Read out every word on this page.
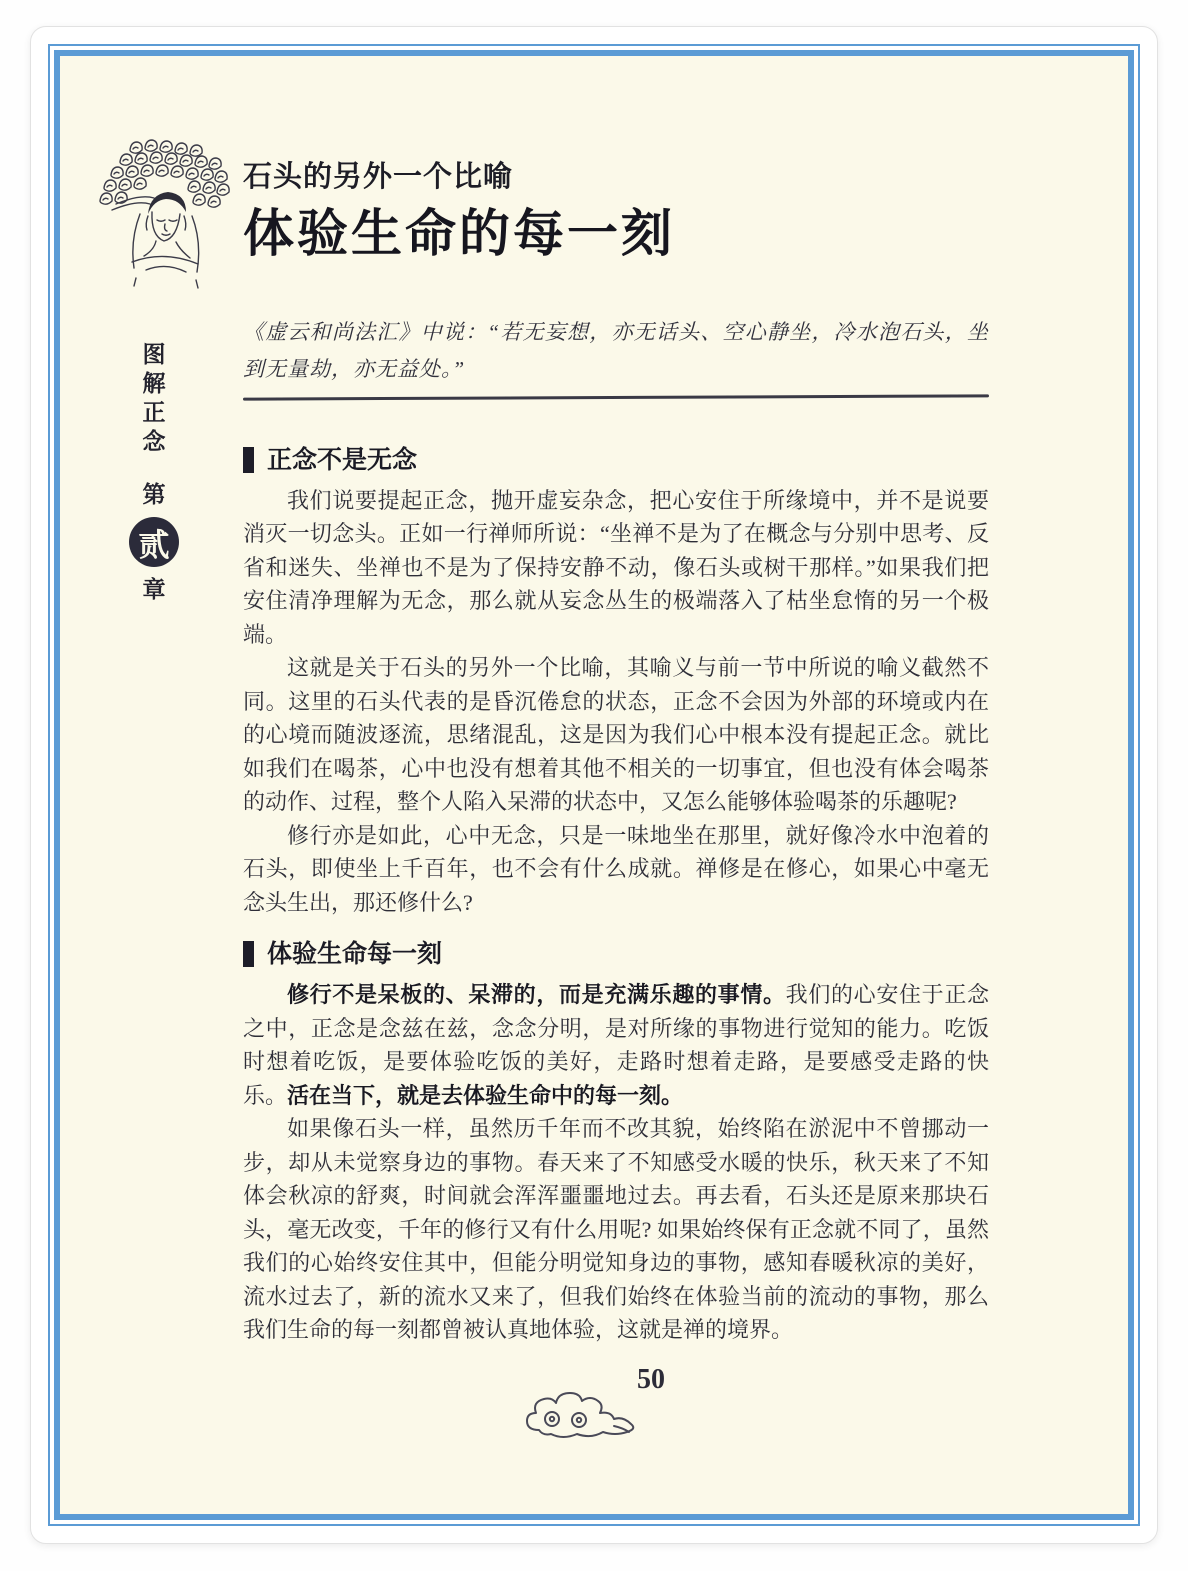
图
解
正
念
第
贰
章
石头的另外一个比喻
体验生命的每一刻

《虚云和尚法汇》中说：“若无妄想，亦无话头、空心静坐，冷水泡石头，坐到无量劫，亦无益处。”

正念不是无念

我们说要提起正念，抛开虚妄杂念，把心安住于所缘境中，并不是说要消灭一切念头。正如一行禅师所说：“坐禅不是为了在概念与分别中思考、反省和迷失、坐禅也不是为了保持安静不动，像石头或树干那样。”如果我们把安住清净理解为无念，那么就从妄念丛生的极端落入了枯坐怠惰的另一个极端。

这就是关于石头的另外一个比喻，其喻义与前一节中所说的喻义截然不同。这里的石头代表的是昏沉倦怠的状态，正念不会因为外部的环境或内在的心境而随波逐流，思绪混乱，这是因为我们心中根本没有提起正念。就比如我们在喝茶，心中也没有想着其他不相关的一切事宜，但也没有体会喝茶的动作、过程，整个人陷入呆滞的状态中，又怎么能够体验喝茶的乐趣呢?

修行亦是如此，心中无念，只是一味地坐在那里，就好像冷水中泡着的石头，即使坐上千百年，也不会有什么成就。禅修是在修心，如果心中毫无念头生出，那还修什么?

体验生命每一刻

修行不是呆板的、呆滞的，而是充满乐趣的事情。我们的心安住于正念之中，正念是念兹在兹，念念分明，是对所缘的事物进行觉知的能力。吃饭时想着吃饭，是要体验吃饭的美好，走路时想着走路，是要感受走路的快乐。活在当下，就是去体验生命中的每一刻。

如果像石头一样，虽然历千年而不改其貌，始终陷在淤泥中不曾挪动一步，却从未觉察身边的事物。春天来了不知感受水暖的快乐，秋天来了不知体会秋凉的舒爽，时间就会浑浑噩噩地过去。再去看，石头还是原来那块石头，毫无改变，千年的修行又有什么用呢? 如果始终保有正念就不同了，虽然我们的心始终安住其中，但能分明觉知身边的事物，感知春暖秋凉的美好，流水过去了，新的流水又来了，但我们始终在体验当前的流动的事物，那么我们生命的每一刻都曾被认真地体验，这就是禅的境界。

50
